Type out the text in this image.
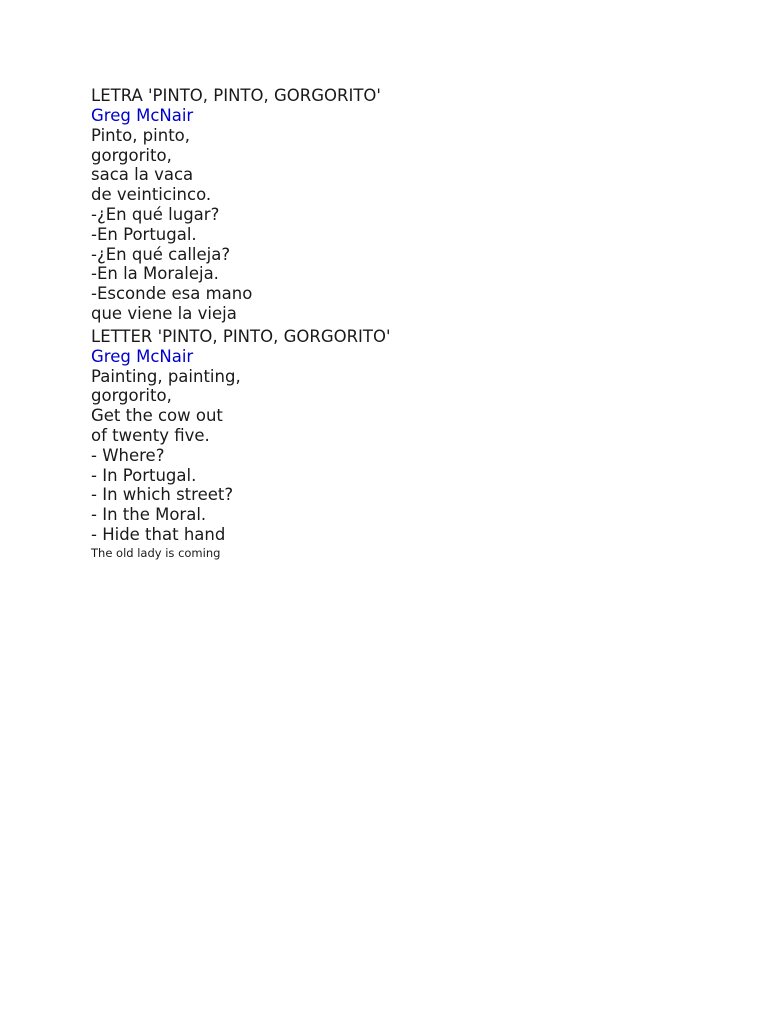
LETRA 'PINTO, PINTO, GORGORITO'
Greg McNair
Pinto, pinto,
gorgorito,
saca la vaca
de veinticinco.
-¿En qué lugar?
-En Portugal.
-¿En qué calleja?
-En la Moraleja.
-Esconde esa mano
que viene la vieja
LETTER 'PINTO, PINTO, GORGORITO'
Greg McNair
Painting, painting,
gorgorito,
Get the cow out
of twenty five.
- Where?
- In Portugal.
- In which street?
- In the Moral.
- Hide that hand
The old lady is coming
